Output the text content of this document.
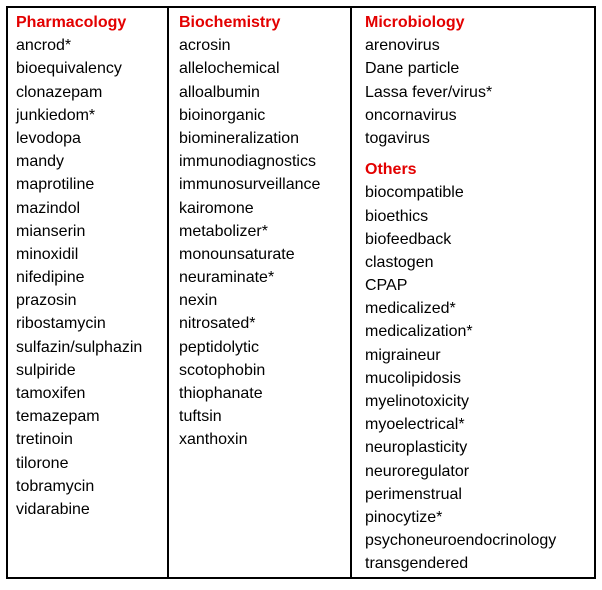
Pharmacology
ancrod*
bioequivalency
clonazepam
junkiedom*
levodopa
mandy
maprotiline
mazindol
mianserin
minoxidil
nifedipine
prazosin
ribostamycin
sulfazin/sulphazin
sulpiride
tamoxifen
temazepam
tretinoin
tilorone
tobramycin
vidarabine
Biochemistry
acrosin
allelochemical
alloalbumin
bioinorganic
biomineralization
immunodiagnostics
immunosurveillance
kairomone
metabolizer*
monounsaturate
neuraminate*
nexin
nitrosated*
peptidolytic
scotophobin
thiophanate
tuftsin
xanthoxin
Microbiology
arenovirus
Dane particle
Lassa fever/virus*
oncornavirus
togavirus
Others
biocompatible
bioethics
biofeedback
clastogen
CPAP
medicalized*
medicalization*
migraineur
mucolipidosis
myelinotoxicity
myoelectrical*
neuroplasticity
neuroregulator
perimenstrual
pinocytize*
psychoneuroendocrinology
transgendered
